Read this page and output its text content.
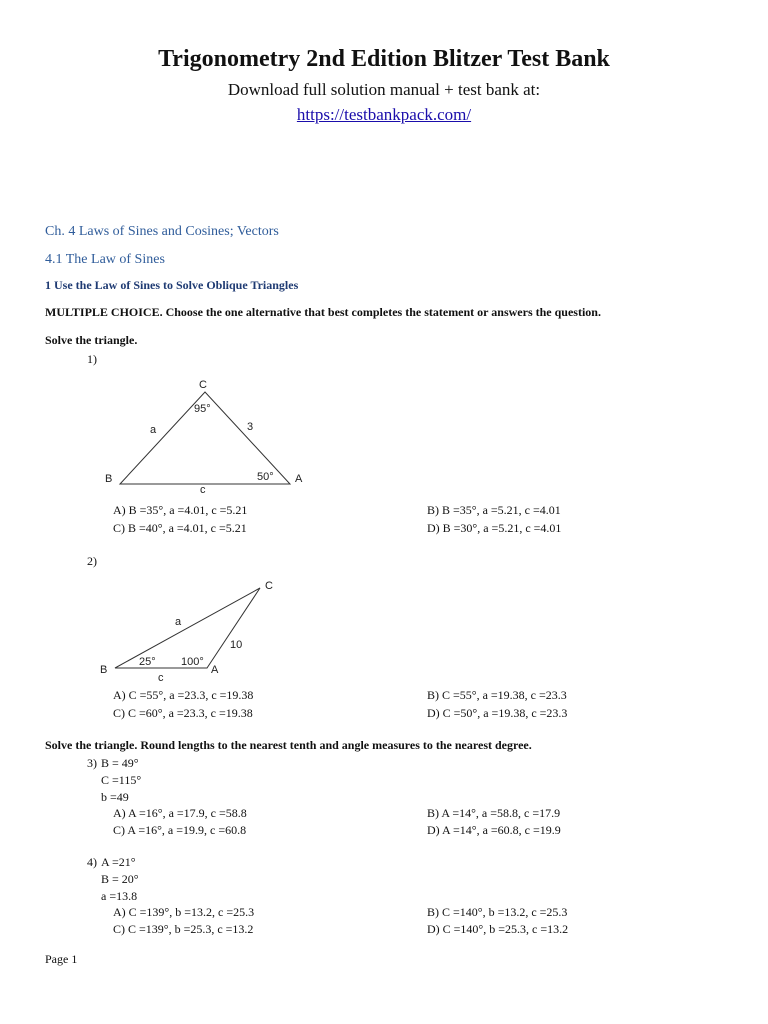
Trigonometry 2nd Edition Blitzer Test Bank
Download full solution manual + test bank at:
https://testbankpack.com/
Ch. 4 Laws of Sines and Cosines; Vectors
4.1 The Law of Sines
1 Use the Law of Sines to Solve Oblique Triangles
MULTIPLE CHOICE. Choose the one alternative that best completes the statement or answers the question.
Solve the triangle.
1)
C
B	A
95°
50°
a	3
c
A) B =35°, a =4.01, c =5.21	B) B =35°, a =5.21, c =4.01
C) B =40°, a =4.01, c =5.21	D) B =30°, a =5.21, c =4.01
2)
C
B	A
25° 100°
a
10
c
A) C =55°, a =23.3, c =19.38	B) C =55°, a =19.38, c =23.3
C) C =60°, a =23.3, c =19.38	D) C =50°, a =19.38, c =23.3
Solve the triangle. Round lengths to the nearest tenth and angle measures to the nearest degree.
3) B = 49°
C =115°
b =49
A) A =16°, a =17.9, c =58.8	B) A =14°, a =58.8, c =17.9
C) A =16°, a =19.9, c =60.8	D) A =14°, a =60.8, c =19.9
4) A =21°
B = 20°
a =13.8
A) C =139°, b =13.2, c =25.3	B) C =140°, b =13.2, c =25.3
C) C =139°, b =25.3, c =13.2	D) C =140°, b =25.3, c =13.2
Page 1
